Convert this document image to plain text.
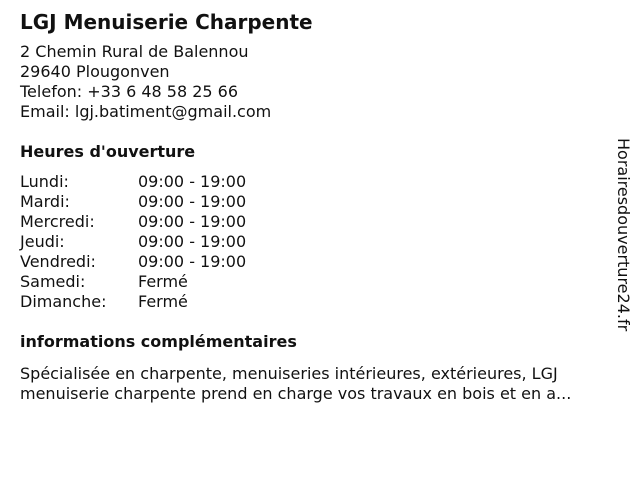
LGJ Menuiserie Charpente
2 Chemin Rural de Balennou
29640 Plougonven
Telefon: +33 6 48 58 25 66
Email: lgj.batiment@gmail.com
Heures d'ouverture
Lundi:	09:00 - 19:00
Mardi:	09:00 - 19:00
Mercredi:	09:00 - 19:00
Jeudi:	09:00 - 19:00
Vendredi:	09:00 - 19:00
Samedi:	Fermé
Dimanche:	Fermé
informations complémentaires
Spécialisée en charpente, menuiseries intérieures, extérieures, LGJ
menuiserie charpente prend en charge vos travaux en bois et en a...
Horairesdouverture24.fr
